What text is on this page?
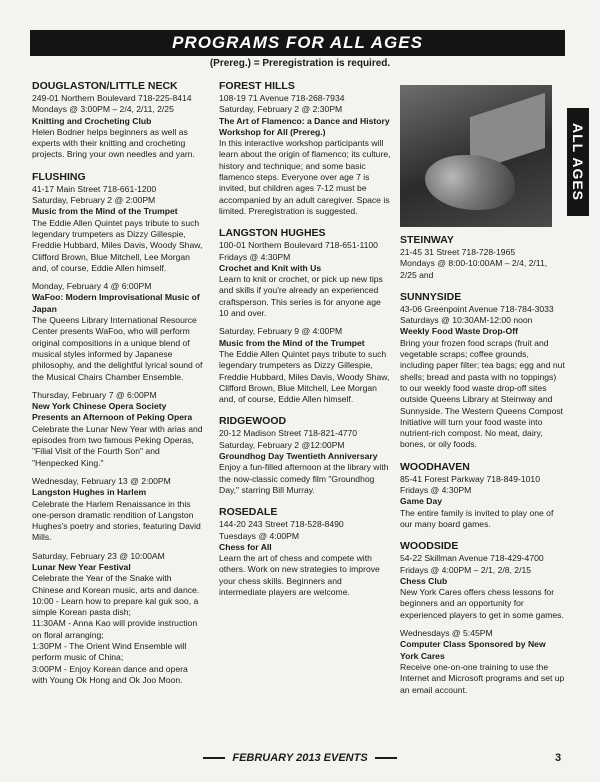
PROGRAMS FOR ALL AGES
(Prereg.) = Preregistration is required.
DOUGLASTON/LITTLE NECK
249-01 Northern Boulevard 718-225-8414
Mondays @ 3:00PM – 2/4, 2/11, 2/25
Knitting and Crocheting Club
Helen Bodner helps beginners as well as experts with their knitting and crocheting projects. Bring your own needles and yarn.
FLUSHING
41-17 Main Street 718-661-1200
Saturday, February 2 @ 2:00PM
Music from the Mind of the Trumpet
The Eddie Allen Quintet pays tribute to such legendary trumpeters as Dizzy Gillespie, Freddie Hubbard, Miles Davis, Woody Shaw, Clifford Brown, Blue Mitchell, Lee Morgan and, of course, Eddie Allen himself.
Monday, February 4 @ 6:00PM
WaFoo: Modern Improvisational Music of Japan
The Queens Library International Resource Center presents WaFoo, who will perform original compositions in a unique blend of musical styles informed by Japanese philosophy, and the delightful lyrical sound of the Musical Chairs Chamber Ensemble.
Thursday, February 7 @ 6:00PM
New York Chinese Opera Society Presents an Afternoon of Peking Opera
Celebrate the Lunar New Year with arias and episodes from two famous Peking Operas, "Filial Visit of the Fourth Son" and "Henpecked King."
Wednesday, February 13 @ 2:00PM
Langston Hughes in Harlem
Celebrate the Harlem Renaissance in this one-person dramatic rendition of Langston Hughes's poetry and stories, featuring David Mills.
Saturday, February 23 @ 10:00AM
Lunar New Year Festival
Celebrate the Year of the Snake with Chinese and Korean music, arts and dance.
10:00 - Learn how to prepare kal guk soo, a simple Korean pasta dish;
11:30AM - Anna Kao will provide instruction on floral arranging;
1:30PM - The Orient Wind Ensemble will perform music of China;
3:00PM - Enjoy Korean dance and opera with Young Ok Hong and Ok Joo Moon.
FOREST HILLS
108-19 71 Avenue 718-268-7934
Saturday, February 2 @ 2:30PM
The Art of Flamenco: a Dance and History Workshop for All (Prereg.)
In this interactive workshop participants will learn about the origin of flamenco; its culture, history and technique; and some basic flamenco steps. Everyone over age 7 is invited, but children ages 7-12 must be accompanied by an adult caregiver. Space is limited. Preregistration is suggested.
LANGSTON HUGHES
100-01 Northern Boulevard 718-651-1100
Fridays @ 4:30PM
Crochet and Knit with Us
Learn to knit or crochet, or pick up new tips and skills if you're already an experienced craftsperson. This series is for anyone age 10 and over.
Saturday, February 9 @ 4:00PM
Music from the Mind of the Trumpet
The Eddie Allen Quintet pays tribute to such legendary trumpeters as Dizzy Gillespie, Freddie Hubbard, Miles Davis, Woody Shaw, Clifford Brown, Blue Mitchell, Lee Morgan and, of course, Eddie Allen himself.
RIDGEWOOD
20-12 Madison Street 718-821-4770
Saturday, February 2 @12:00PM
Groundhog Day Twentieth Anniversary
Enjoy a fun-filled afternoon at the library with the now-classic comedy film "Groundhog Day," starring Bill Murray.
ROSEDALE
144-20 243 Street 718-528-8490
Tuesdays @ 4:00PM
Chess for All
Learn the art of chess and compete with others. Work on new strategies to improve your chess skills. Beginners and intermediate players are welcome.
ALL AGES
STEINWAY
21-45 31 Street 718-728-1965
Mondays @ 8:00-10:00AM – 2/4, 2/11, 2/25 and
SUNNYSIDE
43-06 Greenpoint Avenue 718-784-3033
Saturdays @ 10:30AM-12:00 noon
Weekly Food Waste Drop-Off
Bring your frozen food scraps (fruit and vegetable scraps; coffee grounds, including paper filter; tea bags; egg and nut shells; bread and pasta with no toppings) to our weekly food waste drop-off sites outside Queens Library at Steinway and Sunnyside. The Western Queens Compost Initiative will turn your food waste into nutrient-rich compost. No meat, dairy, bones, or oily foods.
WOODHAVEN
85-41 Forest Parkway 718-849-1010
Fridays @ 4:30PM
Game Day
The entire family is invited to play one of our many board games.
WOODSIDE
54-22 Skillman Avenue 718-429-4700
Fridays @ 4:00PM – 2/1, 2/8, 2/15
Chess Club
New York Cares offers chess lessons for beginners and an opportunity for experienced players to get in some games.
Wednesdays @ 5:45PM
Computer Class Sponsored by New York Cares
Receive one-on-one training to use the Internet and Microsoft programs and set up an email account.
FEBRUARY 2013 EVENTS	3
